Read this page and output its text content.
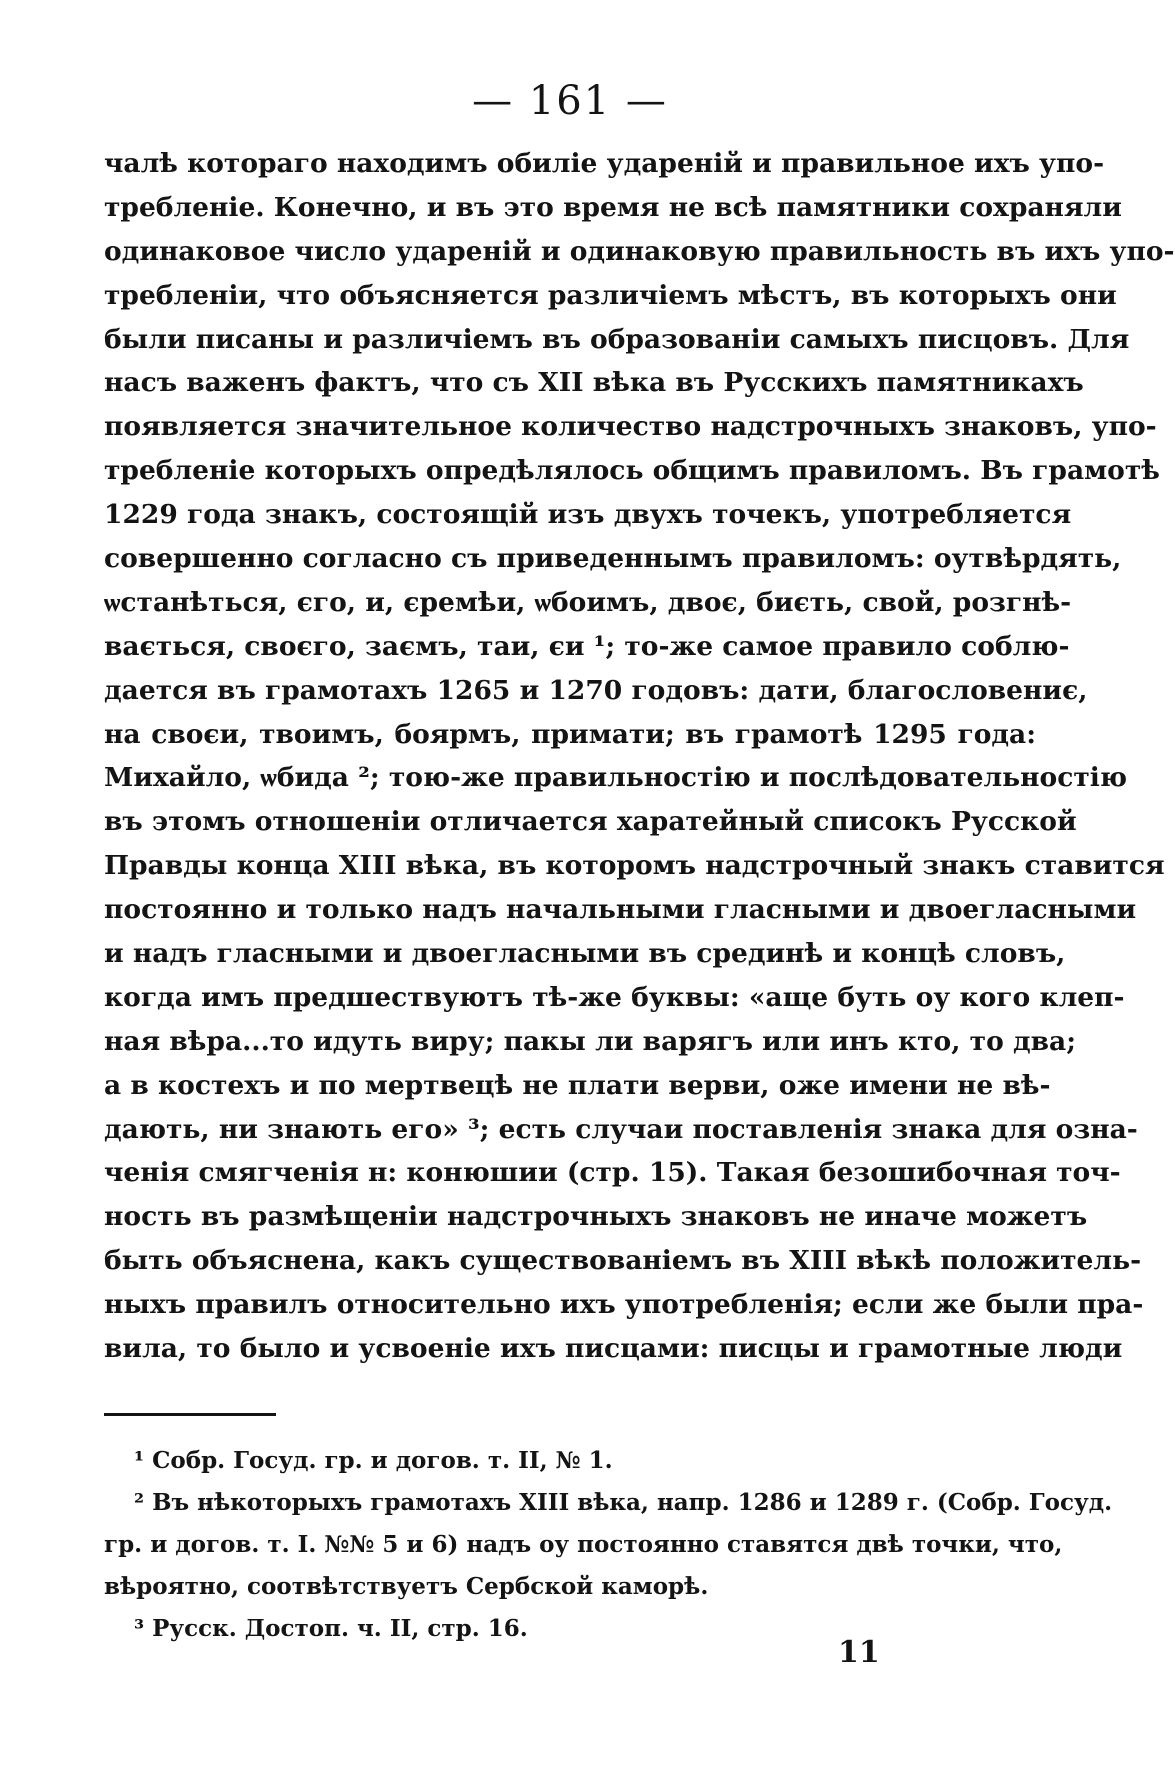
— 161 —
чалѣ котораго находимъ обиліе удареній и правильное ихъ упо-
требленіе. Конечно, и въ это время не всѣ памятники сохраняли
одинаковое число удареній и одинаковую правильность въ ихъ упо-
требленіи, что объясняется различіемъ мѣстъ, въ которыхъ они
были писаны и различіемъ въ образованіи самыхъ писцовъ. Для
насъ важенъ фактъ, что съ XII вѣка въ Русскихъ памятникахъ
появляется значительное количество надстрочныхъ знаковъ, упо-
требленіе которыхъ опредѣлялось общимъ правиломъ. Въ грамотѣ
1229 года знакъ, состоящій изъ двухъ точекъ, употребляется
совершенно согласно съ приведеннымъ правиломъ: оутвѣрдять,
ѡстанѣться, єго, и, єремѣи, ѡбоимъ, двоє, биєть, свой, розгнѣ-
вається, своєго, заємъ, таи, єи ¹; то-же самое правило соблю-
дается въ грамотахъ 1265 и 1270 годовъ: дати, благословениє,
на своєи, твоимъ, боярмъ, примати; въ грамотѣ 1295 года:
Михайло, ѡбида ²; тою-же правильностію и послѣдовательностію
въ этомъ отношеніи отличается харатейный списокъ Русской
Правды конца XIII вѣка, въ которомъ надстрочный знакъ ставится
постоянно и только надъ начальными гласными и двоегласными
и надъ гласными и двоегласными въ срединѣ и концѣ словъ,
когда имъ предшествуютъ тѣ-же буквы: «аще буть оу кого клеп-
ная вѣра...то идуть виру; пакы ли варягъ или инъ кто, то два;
а в костехъ и по мертвецѣ не плати верви, оже имени не вѣ-
дають, ни знають его» ³; есть случаи поставленія знака для озна-
ченія смягченія н: конюшии (стр. 15). Такая безошибочная точ-
ность въ размѣщеніи надстрочныхъ знаковъ не иначе можетъ
быть объяснена, какъ существованіемъ въ XIII вѣкѣ положитель-
ныхъ правилъ относительно ихъ употребленія; если же были пра-
вила, то было и усвоеніе ихъ писцами: писцы и грамотные люди
¹ Собр. Госуд. гр. и догов. т. II, № 1.
² Въ нѣкоторыхъ грамотахъ XIII вѣка, напр. 1286 и 1289 г. (Собр. Госуд.
гр. и догов. т. I. №№ 5 и 6) надъ оу постоянно ставятся двѣ точки, что,
вѣроятно, соотвѣтствуетъ Сербской каморѣ.
³ Русск. Достоп. ч. II, стр. 16.
11
